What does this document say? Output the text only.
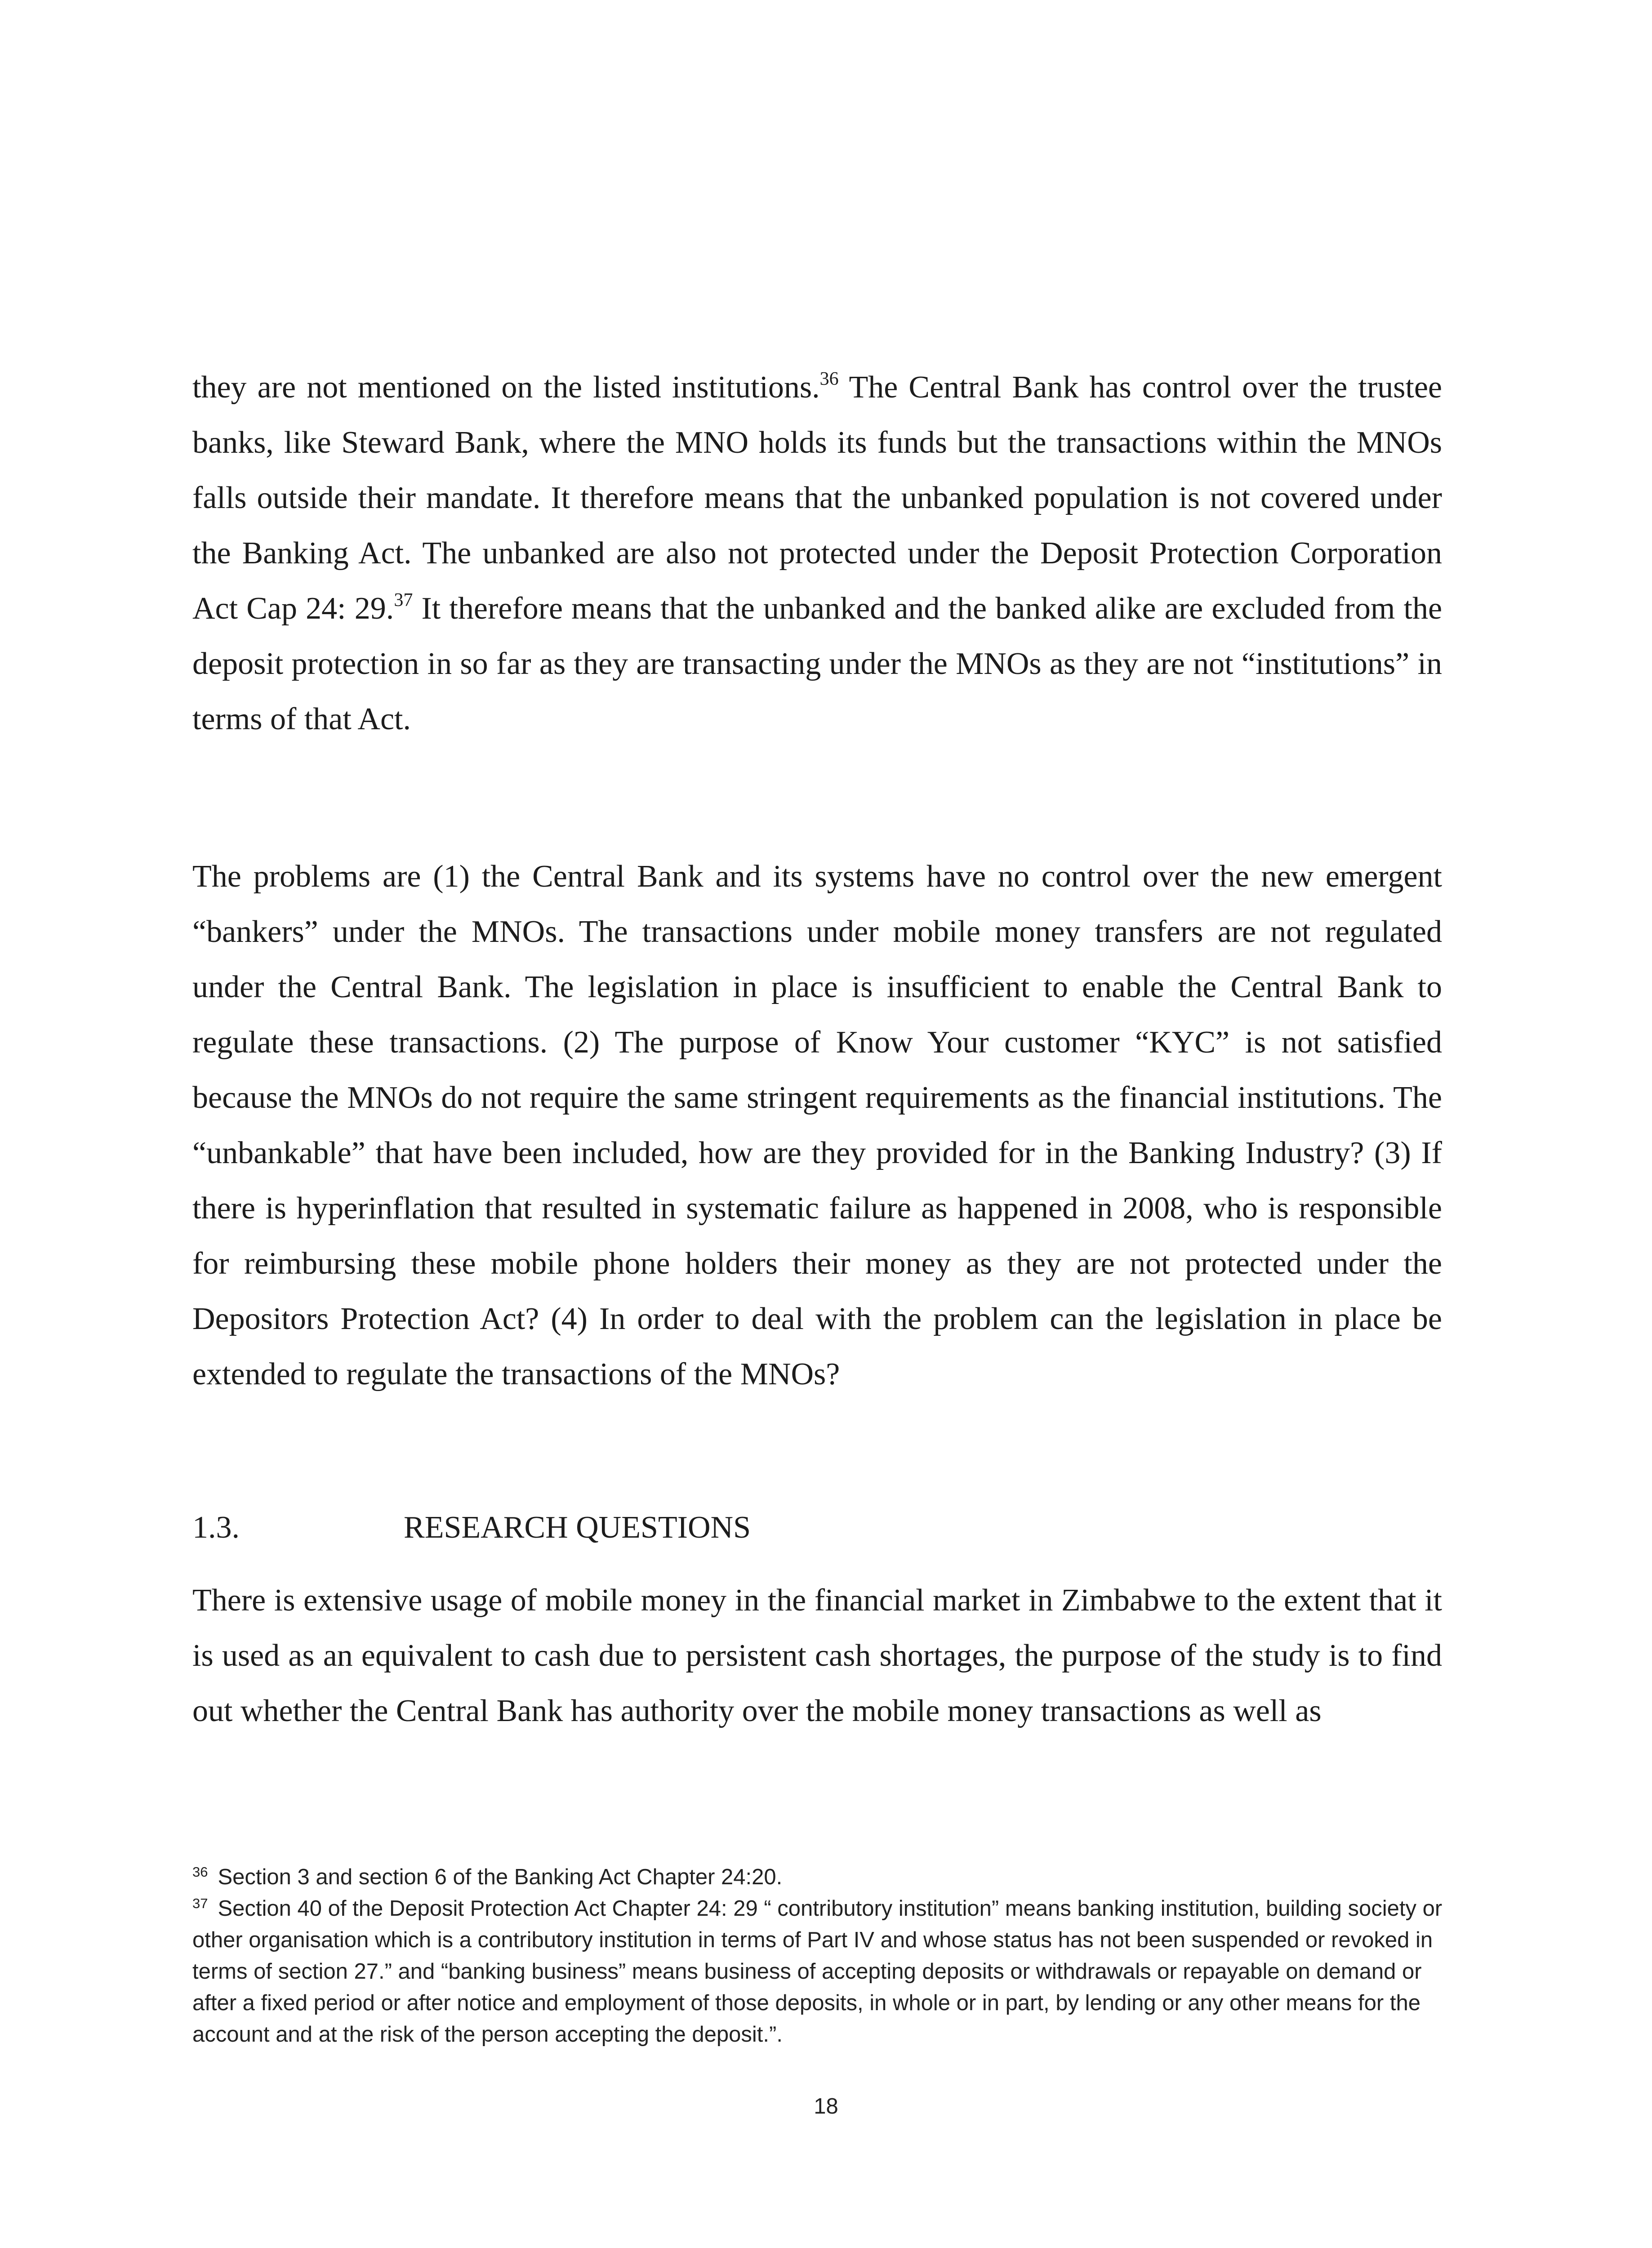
they are not mentioned on the listed institutions.$^{36}$ The Central Bank has control over the trustee banks, like Steward Bank, where the MNO holds its funds but the transactions within the MNOs falls outside their mandate. It therefore means that the unbanked population is not covered under the Banking Act. The unbanked are also not protected under the Deposit Protection Corporation Act Cap 24: 29.37 It therefore means that the unbanked and the banked alike are excluded from the deposit protection in so far as they are transacting under the MNOs as they are not “institutions” in terms of that Act.

The problems are (1) the Central Bank and its systems have no control over the new emergent “bankers” under the MNOs. The transactions under mobile money transfers are not regulated under the Central Bank. The legislation in place is insufficient to enable the Central Bank to regulate these transactions. (2) The purpose of Know Your customer “KYC” is not satisfied because the MNOs do not require the same stringent requirements as the financial institutions. The “unbankable” that have been included, how are they provided for in the Banking Industry? (3) If there is hyperinflation that resulted in systematic failure as happened in 2008, who is responsible for reimbursing these mobile phone holders their money as they are not protected under the Depositors Protection Act? (4) In order to deal with the problem can the legislation in place be extended to regulate the transactions of the MNOs?

1.3.	RESEARCH QUESTIONS

There is extensive usage of mobile money in the financial market in Zimbabwe to the extent that it is used as an equivalent to cash due to persistent cash shortages, the purpose of the study is to find out whether the Central Bank has authority over the mobile money transactions as well as

$^{36}$ Section 3 and section 6 of the Banking Act Chapter 24:20.

$^{37}$ Section 40 of the Deposit Protection Act Chapter 24: 29 “ contributory institution” means banking institution, building society or other organisation which is a contributory institution in terms of Part IV and whose status has not been suspended or revoked in terms of section 27.” and “banking business” means business of accepting deposits or withdrawals or repayable on demand or after a fixed period or after notice and employment of those deposits, in whole or in part, by lending or any other means for the account and at the risk of the person accepting the deposit.”.

18
